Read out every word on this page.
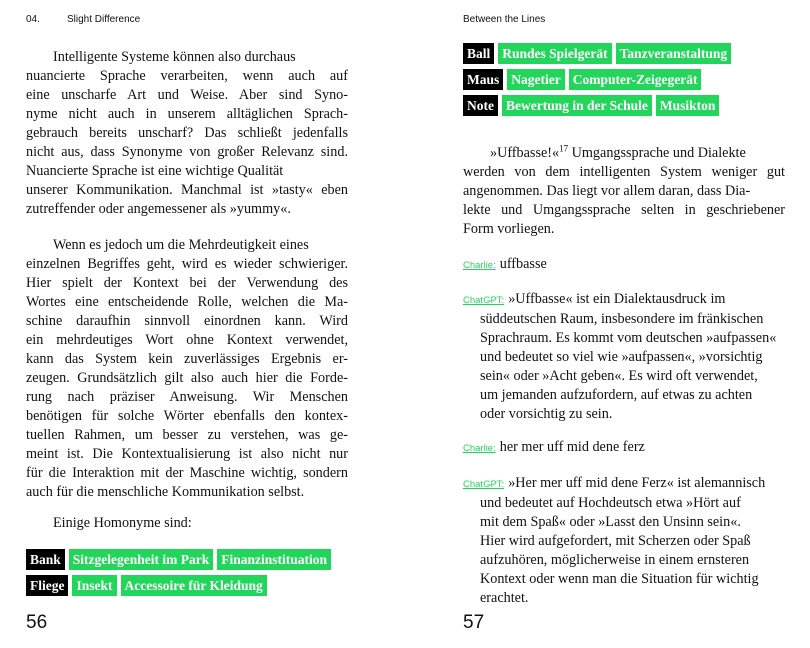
04.	Slight Difference
Intelligente Systeme können also durchaus
nuancierte Sprache verarbeiten, wenn auch auf
eine unscharfe Art und Weise. Aber sind Syno-
nyme nicht auch in unserem alltäglichen Sprach-
gebrauch bereits unscharf? Das schließt jedenfalls
nicht aus, dass Synonyme von großer Relevanz sind.
Nuancierte Sprache ist eine wichtige Qualität
unserer Kommunikation. Manchmal ist »tasty« eben
zutreffender oder angemessener als »yummy«.
Wenn es jedoch um die Mehrdeutigkeit eines
einzelnen Begriffes geht, wird es wieder schwieriger.
Hier spielt der Kontext bei der Verwendung des
Wortes eine entscheidende Rolle, welchen die Ma-
schine daraufhin sinnvoll einordnen kann. Wird
ein mehrdeutiges Wort ohne Kontext verwendet,
kann das System kein zuverlässiges Ergebnis er-
zeugen. Grundsätzlich gilt also auch hier die Forde-
rung nach präziser Anweisung. Wir Menschen
benötigen für solche Wörter ebenfalls den kontex-
tuellen Rahmen, um besser zu verstehen, was ge-
meint ist. Die Kontextualisierung ist also nicht nur
für die Interaktion mit der Maschine wichtig, sondern
auch für die menschliche Kommunikation selbst.
Einige Homonyme sind:
Bank Sitzgelegenheit im Park Finanzinstituation
Fliege Insekt Accessoire für Kleidung
56
Between the Lines
Ball Rundes Spielgerät Tanzveranstaltung
Maus Nagetier Computer-Zeigegerät
Note Bewertung in der Schule Musikton
»Uffbasse!«$^{17}$ Umgangssprache und Dialekte
werden von dem intelligenten System weniger gut
angenommen. Das liegt vor allem daran, dass Dia-
lekte und Umgangssprache selten in geschriebener
Form vorliegen.
Charlie: uffbasse
ChatGPT: »Uffbasse« ist ein Dialektausdruck im
süddeutschen Raum, insbesondere im fränkischen
Sprachraum. Es kommt vom deutschen »aufpassen«
und bedeutet so viel wie »aufpassen«, »vorsichtig
sein« oder »Acht geben«. Es wird oft verwendet,
um jemanden aufzufordern, auf etwas zu achten
oder vorsichtig zu sein.
Charlie: her mer uff mid dene ferz
ChatGPT: »Her mer uff mid dene Ferz« ist alemannisch
und bedeutet auf Hochdeutsch etwa »Hört auf
mit dem Spaß« oder »Lasst den Unsinn sein«.
Hier wird aufgefordert, mit Scherzen oder Spaß
aufzuhören, möglicherweise in einem ernsteren
Kontext oder wenn man die Situation für wichtig
erachtet.
57
